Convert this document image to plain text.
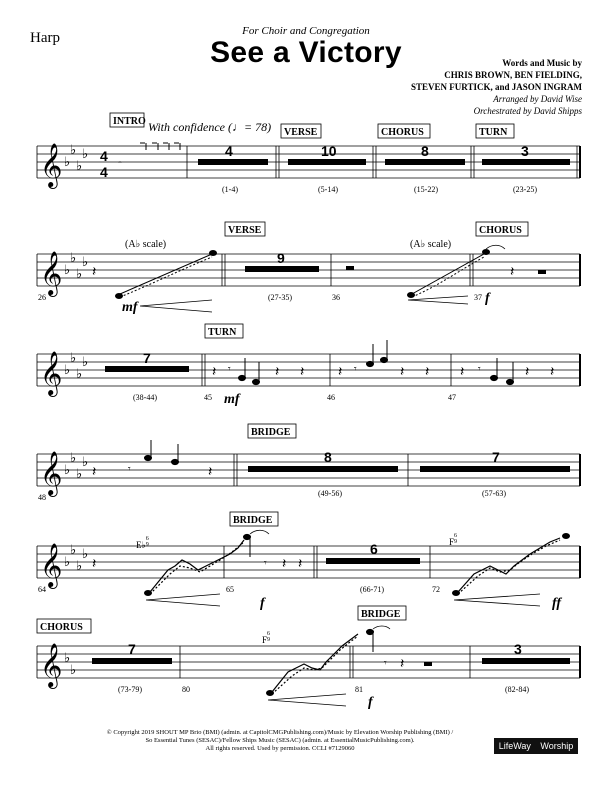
Harp	For Choir and Congregation
See a Victory	Words and Music by
CHRIS BROWN, BEN FIELDING,
STEVEN FURTICK, and JASON INGRAM
Arranged by David Wise
Orchestrated by David Shipps
𝄞 ♭
♭
♭
♭ 4
4
𝄼
INTRO With confidence (♩= 78) VERSE	CHORUS	TURN
4	10	8	3
(1-4)	(5-14)	(15-22)	(23-25)
𝄞 ♭
♭
♭
♭
𝄽
(A♭ scale)
mf
26
VERSE
9
(27-35)	36
(A♭ scale)
37 f
CHORUS
𝄽
𝄞 ♭
♭
♭
♭	7
(38-44)
TURN
45
𝄽 𝄾	𝄽 𝄽
mf	46
𝄽 𝄾	𝄽 𝄽
47
𝄽 𝄾	𝄽 𝄽
𝄞 ♭
♭
♭
♭
𝄽	𝄾	𝄽
48
BRIDGE
8
(49-56)
7
(57-63)
𝄞 ♭
♭
♭
♭
𝄽
E♭$^6$ 9
64	65
BRIDGE
𝄾 𝄽 𝄽
f
6
(66-71)	72
$F^6$ 9
ff
𝄞 ♭
♭
CHORUS
7
(73-79)	80
$F^6$ 9
81
BRIDGE
𝄾 𝄽
f
3
(82-84)
© Copyright 2019 SHOUT MP Brio (BMI) (admin. at CapitolCMGPublishing.com)/Music by Elevation Worship Publishing (BMI) /
So Essential Tunes (SESAC)/Fellow Ships Music (SESAC) (admin. at EssentialMusicPublishing.com).
All rights reserved. Used by permission. CCLI #7129060	LifeWay Worship
